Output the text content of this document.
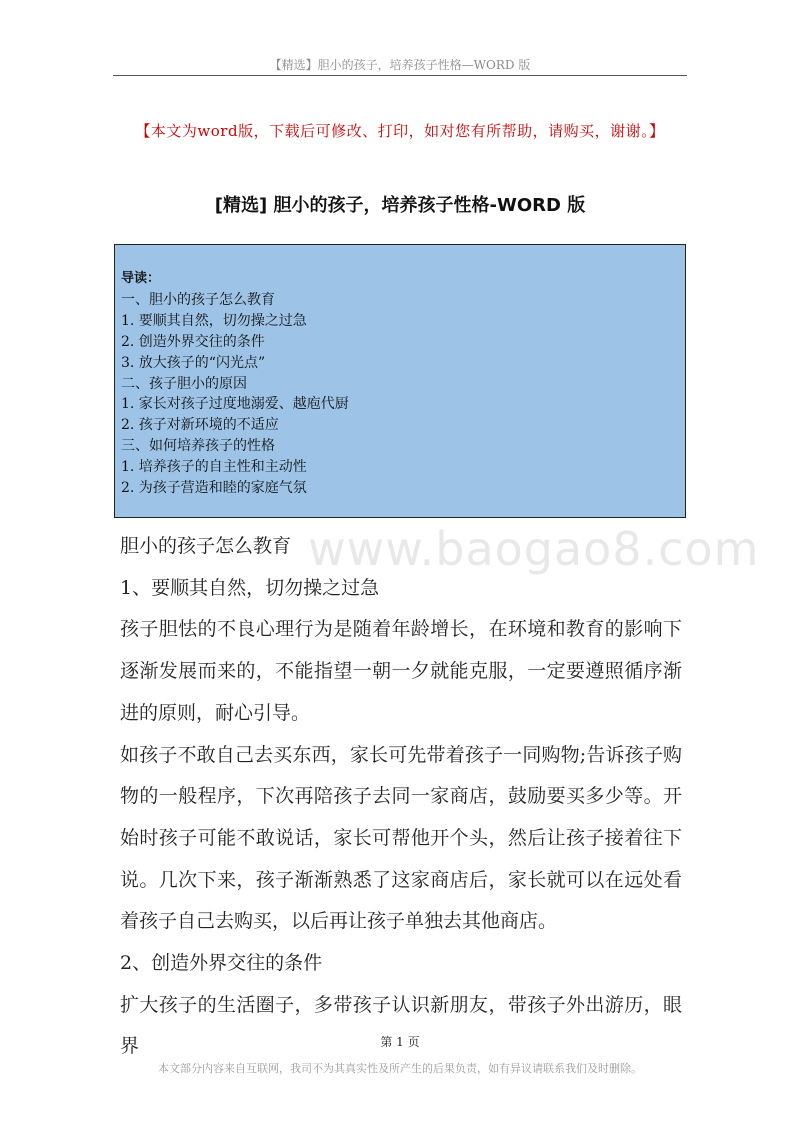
【精选】胆小的孩子，培养孩子性格—WORD 版
【本文为word版，下载后可修改、打印，如对您有所帮助，请购买，谢谢。】
[精选] 胆小的孩子，培养孩子性格-WORD 版
导读：
一、胆小的孩子怎么教育
1. 要顺其自然，切勿操之过急
2. 创造外界交往的条件
3. 放大孩子的“闪光点”
二、孩子胆小的原因
1. 家长对孩子过度地溺爱、越庖代厨
2. 孩子对新环境的不适应
三、如何培养孩子的性格
1. 培养孩子的自主性和主动性
2. 为孩子营造和睦的家庭气氛
www.baogao8.com

胆小的孩子怎么教育

1、要顺其自然，切勿操之过急

孩子胆怯的不良心理行为是随着年龄增长，在环境和教育的影响下逐渐发展而来的，不能指望一朝一夕就能克服，一定要遵照循序渐进的原则，耐心引导。

如孩子不敢自己去买东西，家长可先带着孩子一同购物;告诉孩子购物的一般程序，下次再陪孩子去同一家商店，鼓励要买多少等。开始时孩子可能不敢说话，家长可帮他开个头，然后让孩子接着往下说。几次下来，孩子渐渐熟悉了这家商店后，家长就可以在远处看着孩子自己去购买，以后再让孩子单独去其他商店。

2、创造外界交往的条件

扩大孩子的生活圈子，多带孩子认识新朋友，带孩子外出游历，眼界	第 1 页
本文部分内容来自互联网，我司不为其真实性及所产生的后果负责，如有异议请联系我们及时删除。
